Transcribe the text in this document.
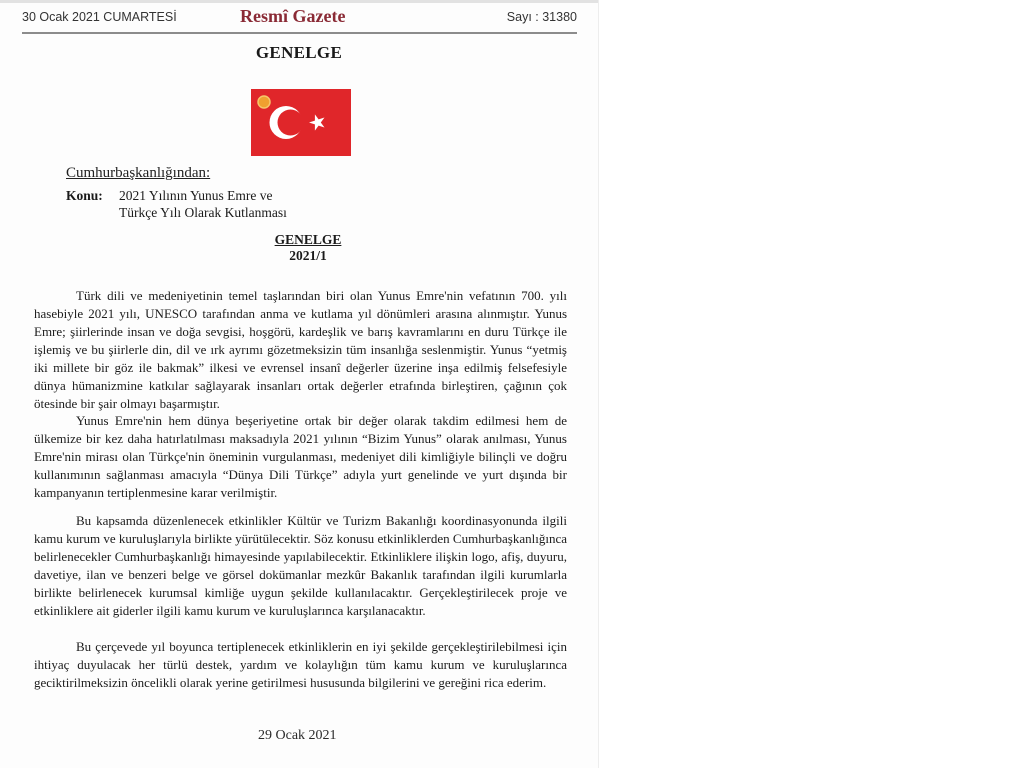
30 Ocak 2021 CUMARTESİ	Resmî Gazete	Sayı : 31380
GENELGE
Cumhurbaşkanlığından:
Konu: 2021 Yılının Yunus Emre ve
Türkçe Yılı Olarak Kutlanması
GENELGE
2021/1

Türk dili ve medeniyetinin temel taşlarından biri olan Yunus Emre'nin vefatının 700. yılı hasebiyle 2021 yılı, UNESCO tarafından anma ve kutlama yıl dönümleri arasına alınmıştır. Yunus Emre; şiirlerinde insan ve doğa sevgisi, hoşgörü, kardeşlik ve barış kavramlarını en duru Türkçe ile işlemiş ve bu şiirlerle din, dil ve ırk ayrımı gözetmeksizin tüm insanlığa seslenmiştir. Yunus “yetmiş iki millete bir göz ile bakmak” ilkesi ve evrensel insanî değerler üzerine inşa edilmiş felsefesiyle dünya hümanizmine katkılar sağlayarak insanları ortak değerler etrafında birleştiren, çağının çok ötesinde bir şair olmayı başarmıştır.

Yunus Emre'nin hem dünya beşeriyetine ortak bir değer olarak takdim edilmesi hem de ülkemize bir kez daha hatırlatılması maksadıyla 2021 yılının “Bizim Yunus” olarak anılması, Yunus Emre'nin mirası olan Türkçe'nin öneminin vurgulanması, medeniyet dili kimliğiyle bilinçli ve doğru kullanımının sağlanması amacıyla “Dünya Dili Türkçe” adıyla yurt genelinde ve yurt dışında bir kampanyanın tertiplenmesine karar verilmiştir.

Bu kapsamda düzenlenecek etkinlikler Kültür ve Turizm Bakanlığı koordinasyonunda ilgili kamu kurum ve kuruluşlarıyla birlikte yürütülecektir. Söz konusu etkinliklerden Cumhurbaşkanlığınca belirlenecekler Cumhurbaşkanlığı himayesinde yapılabilecektir. Etkinliklere ilişkin logo, afiş, duyuru, davetiye, ilan ve benzeri belge ve görsel dokümanlar mezkûr Bakanlık tarafından ilgili kurumlarla birlikte belirlenecek kurumsal kimliğe uygun şekilde kullanılacaktır. Gerçekleştirilecek proje ve etkinliklere ait giderler ilgili kamu kurum ve kuruluşlarınca karşılanacaktır.

Bu çerçevede yıl boyunca tertiplenecek etkinliklerin en iyi şekilde gerçekleştirilebilmesi için ihtiyaç duyulacak her türlü destek, yardım ve kolaylığın tüm kamu kurum ve kuruluşlarınca geciktirilmeksizin öncelikli olarak yerine getirilmesi hususunda bilgilerini ve gereğini rica ederim.

29 Ocak 2021
